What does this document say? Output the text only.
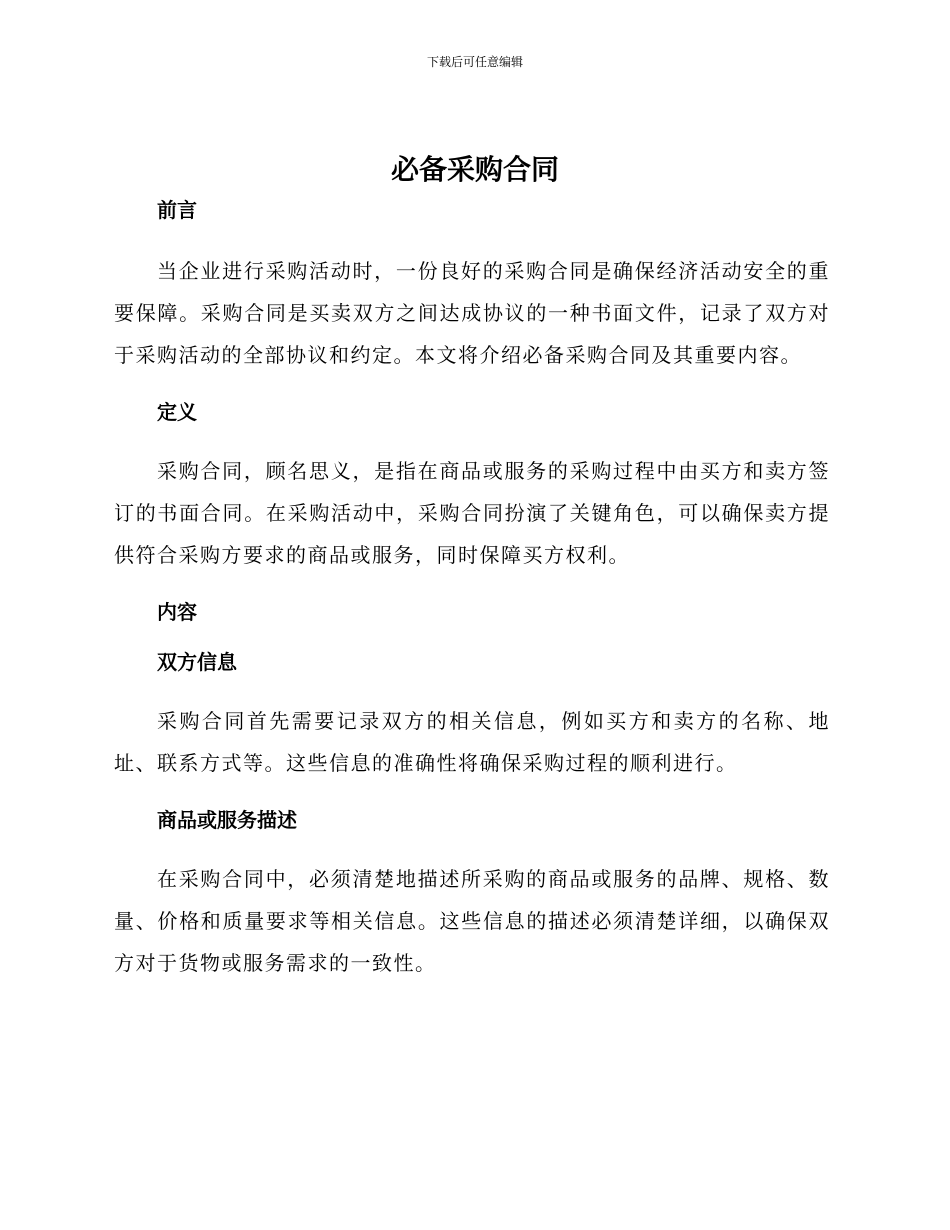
下载后可任意编辑
必备采购合同
前言

当企业进行采购活动时，一份良好的采购合同是确保经济活动安全的重要保障。采购合同是买卖双方之间达成协议的一种书面文件，记录了双方对于采购活动的全部协议和约定。本文将介绍必备采购合同及其重要内容。

定义

采购合同，顾名思义，是指在商品或服务的采购过程中由买方和卖方签订的书面合同。在采购活动中，采购合同扮演了关键角色，可以确保卖方提供符合采购方要求的商品或服务，同时保障买方权利。

内容
双方信息

采购合同首先需要记录双方的相关信息，例如买方和卖方的名称、地址、联系方式等。这些信息的准确性将确保采购过程的顺利进行。

商品或服务描述

在采购合同中，必须清楚地描述所采购的商品或服务的品牌、规格、数量、价格和质量要求等相关信息。这些信息的描述必须清楚详细，以确保双方对于货物或服务需求的一致性。
